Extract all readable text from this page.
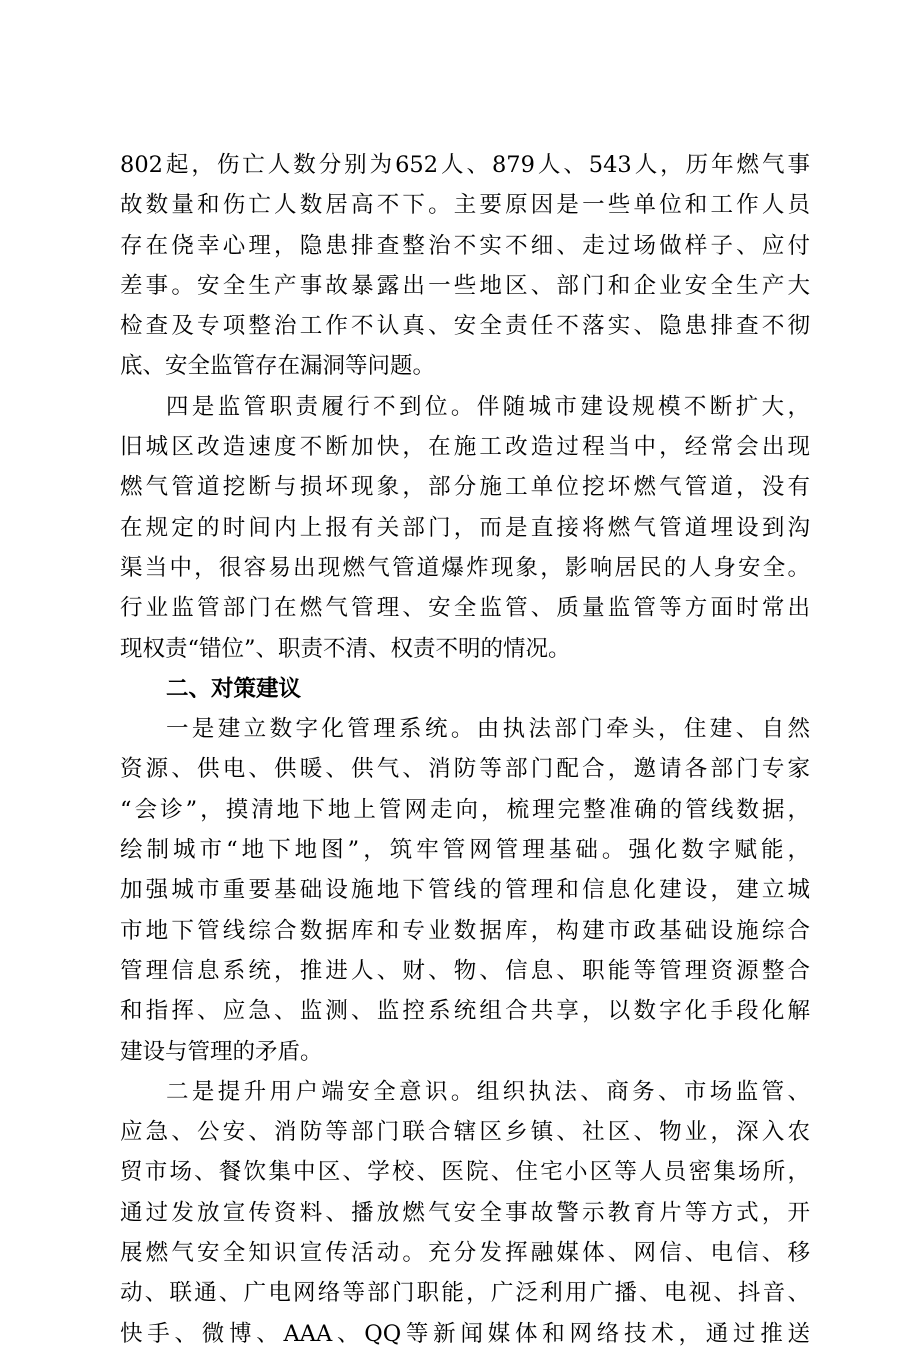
802起，伤亡人数分别为652人、879人、543人，历年燃气事
故数量和伤亡人数居高不下。主要原因是一些单位和工作人员
存在侥幸心理，隐患排查整治不实不细、走过场做样子、应付
差事。安全生产事故暴露出一些地区、部门和企业安全生产大
检查及专项整治工作不认真、安全责任不落实、隐患排查不彻
底、安全监管存在漏洞等问题。
四是监管职责履行不到位。伴随城市建设规模不断扩大，
旧城区改造速度不断加快，在施工改造过程当中，经常会出现
燃气管道挖断与损坏现象，部分施工单位挖坏燃气管道，没有
在规定的时间内上报有关部门，而是直接将燃气管道埋设到沟
渠当中，很容易出现燃气管道爆炸现象，影响居民的人身安全。
行业监管部门在燃气管理、安全监管、质量监管等方面时常出
现权责“错位”、职责不清、权责不明的情况。
二、对策建议
一是建立数字化管理系统。由执法部门牵头，住建、自然
资源、供电、供暖、供气、消防等部门配合，邀请各部门专家
“会诊”，摸清地下地上管网走向，梳理完整准确的管线数据，
绘制城市“地下地图”，筑牢管网管理基础。强化数字赋能，
加强城市重要基础设施地下管线的管理和信息化建设，建立城
市地下管线综合数据库和专业数据库，构建市政基础设施综合
管理信息系统，推进人、财、物、信息、职能等管理资源整合
和指挥、应急、监测、监控系统组合共享，以数字化手段化解
建设与管理的矛盾。
二是提升用户端安全意识。组织执法、商务、市场监管、
应急、公安、消防等部门联合辖区乡镇、社区、物业，深入农
贸市场、餐饮集中区、学校、医院、住宅小区等人员密集场所，
通过发放宣传资料、播放燃气安全事故警示教育片等方式，开
展燃气安全知识宣传活动。充分发挥融媒体、网信、电信、移
动、联通、广电网络等部门职能，广泛利用广播、电视、抖音、
快手、微博、AAA、QQ等新闻媒体和网络技术，通过推送
